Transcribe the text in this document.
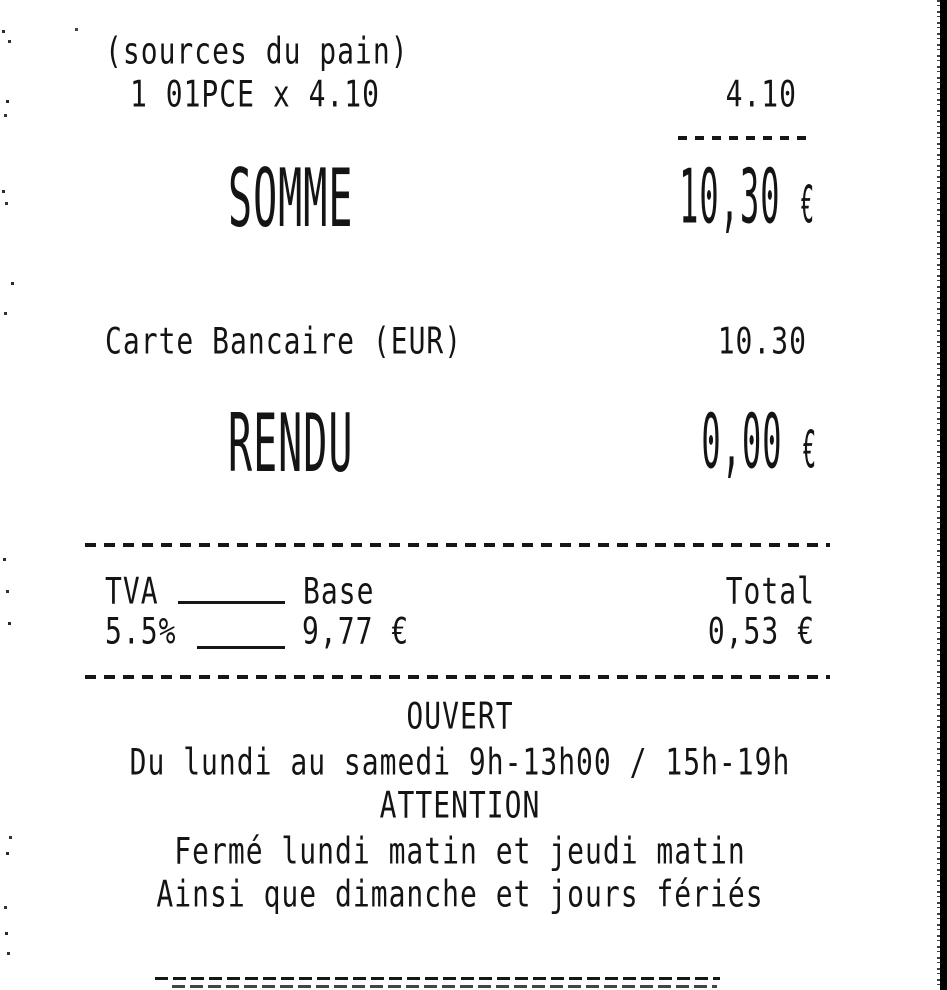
(sources du pain)
1 01PCE x 4.10	4.10
SOMME	10,30 €
Carte Bancaire (EUR)	10.30
RENDU	0,00 €
TVA	Base	Total
5.5%	9,77 €	0,53 €
OUVERT
Du lundi au samedi 9h-13h00 / 15h-19h
ATTENTION
Fermé lundi matin et jeudi matin
Ainsi que dimanche et jours fériés
